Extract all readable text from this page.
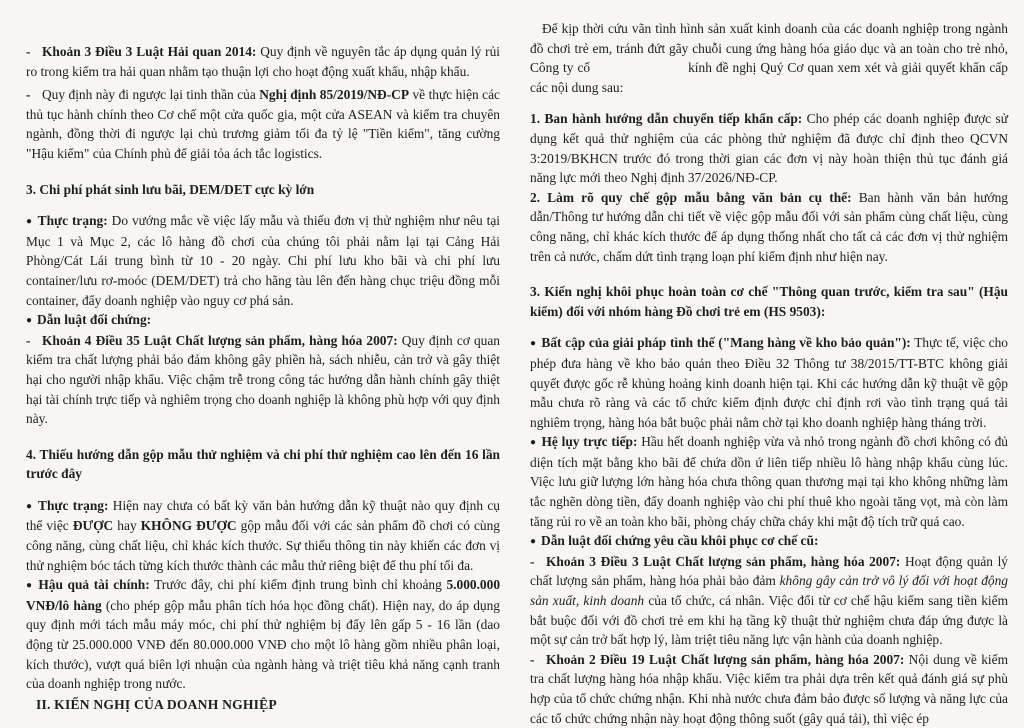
- Khoản 3 Điều 3 Luật Hải quan 2014: Quy định về nguyên tắc áp dụng quản lý rủi ro trong kiểm tra hải quan nhằm tạo thuận lợi cho hoạt động xuất khẩu, nhập khẩu.

- Quy định này đi ngược lại tinh thần của Nghị định 85/2019/NĐ-CP về thực hiện các thủ tục hành chính theo Cơ chế một cửa quốc gia, một cửa ASEAN và kiểm tra chuyên ngành, đồng thời đi ngược lại chủ trương giảm tối đa tỷ lệ "Tiền kiểm", tăng cường "Hậu kiểm" của Chính phủ để giải tỏa ách tắc logistics.

3. Chi phí phát sinh lưu bãi, DEM/DET cực kỳ lớn

● Thực trạng: Do vướng mắc về việc lấy mẫu và thiếu đơn vị thử nghiệm như nêu tại Mục 1 và Mục 2, các lô hàng đồ chơi của chúng tôi phải nằm lại tại Cảng Hải Phòng/Cát Lái trung bình từ 10 - 20 ngày. Chi phí lưu kho bãi và chi phí lưu container/lưu rơ-moóc (DEM/DET) trả cho hãng tàu lên đến hàng chục triệu đồng mỗi container, đẩy doanh nghiệp vào nguy cơ phá sản.

● Dẫn luật đối chứng:

- Khoản 4 Điều 35 Luật Chất lượng sản phẩm, hàng hóa 2007: Quy định cơ quan kiểm tra chất lượng phải bảo đảm không gây phiền hà, sách nhiễu, cản trở và gây thiệt hại cho người nhập khẩu. Việc chậm trễ trong công tác hướng dẫn hành chính gây thiệt hại tài chính trực tiếp và nghiêm trọng cho doanh nghiệp là không phù hợp với quy định này.

4. Thiếu hướng dẫn gộp mẫu thử nghiệm và chi phí thử nghiệm cao lên đến 16 lần trước đây

● Thực trạng: Hiện nay chưa có bất kỳ văn bản hướng dẫn kỹ thuật nào quy định cụ thể việc ĐƯỢC hay KHÔNG ĐƯỢC gộp mẫu đối với các sản phẩm đồ chơi có cùng công năng, cùng chất liệu, chỉ khác kích thước. Sự thiếu thông tin này khiến các đơn vị thử nghiệm bóc tách từng kích thước thành các mẫu thử riêng biệt để thu phí tối đa.

● Hậu quả tài chính: Trước đây, chi phí kiểm định trung bình chỉ khoảng 5.000.000 VNĐ/lô hàng (cho phép gộp mẫu phân tích hóa học đồng chất). Hiện nay, do áp dụng quy định mới tách mẫu máy móc, chi phí thử nghiệm bị đẩy lên gấp 5 - 16 lần (dao động từ 25.000.000 VNĐ đến 80.000.000 VNĐ cho một lô hàng gồm nhiều phân loại, kích thước), vượt quá biên lợi nhuận của ngành hàng và triệt tiêu khả năng cạnh tranh của doanh nghiệp trong nước.

II. KIẾN NGHỊ CỦA DOANH NGHIỆP

Để kịp thời cứu vãn tình hình sản xuất kinh doanh của các doanh nghiệp trong ngành đồ chơi trẻ em, tránh đứt gãy chuỗi cung ứng hàng hóa giáo dục và an toàn cho trẻ nhỏ, Công ty cổ	kính đề nghị Quý Cơ quan xem xét và giải quyết khẩn cấp các nội dung sau:

1. Ban hành hướng dẫn chuyển tiếp khẩn cấp: Cho phép các doanh nghiệp được sử dụng kết quả thử nghiệm của các phòng thử nghiệm đã được chỉ định theo QCVN 3:2019/BKHCN trước đó trong thời gian các đơn vị này hoàn thiện thủ tục đánh giá năng lực mới theo Nghị định 37/2026/NĐ-CP.

2. Làm rõ quy chế gộp mẫu bằng văn bản cụ thể: Ban hành văn bản hướng dẫn/Thông tư hướng dẫn chi tiết về việc gộp mẫu đối với sản phẩm cùng chất liệu, cùng công năng, chỉ khác kích thước để áp dụng thống nhất cho tất cả các đơn vị thử nghiệm trên cả nước, chấm dứt tình trạng loạn phí kiểm định như hiện nay.

3. Kiến nghị khôi phục hoàn toàn cơ chế "Thông quan trước, kiểm tra sau" (Hậu kiểm) đối với nhóm hàng Đồ chơi trẻ em (HS 9503):

● Bất cập của giải pháp tình thế ("Mang hàng về kho bảo quản"): Thực tế, việc cho phép đưa hàng về kho bảo quản theo Điều 32 Thông tư 38/2015/TT-BTC không giải quyết được gốc rễ khủng hoảng kinh doanh hiện tại. Khi các hướng dẫn kỹ thuật về gộp mẫu chưa rõ ràng và các tổ chức kiểm định được chỉ định rơi vào tình trạng quá tải nghiêm trọng, hàng hóa bắt buộc phải nằm chờ tại kho doanh nghiệp hàng tháng trời.

● Hệ lụy trực tiếp: Hầu hết doanh nghiệp vừa và nhỏ trong ngành đồ chơi không có đủ diện tích mặt bằng kho bãi để chứa dồn ứ liên tiếp nhiều lô hàng nhập khẩu cùng lúc. Việc lưu giữ lượng lớn hàng hóa chưa thông quan thương mại tại kho không những làm tắc nghẽn dòng tiền, đẩy doanh nghiệp vào chi phí thuê kho ngoài tăng vọt, mà còn làm tăng rủi ro về an toàn kho bãi, phòng cháy chữa cháy khi mật độ tích trữ quá cao.

● Dẫn luật đối chứng yêu cầu khôi phục cơ chế cũ:

- Khoản 3 Điều 3 Luật Chất lượng sản phẩm, hàng hóa 2007: Hoạt động quản lý chất lượng sản phẩm, hàng hóa phải bảo đảm không gây cản trở vô lý đối với hoạt động sản xuất, kinh doanh của tổ chức, cá nhân. Việc đổi từ cơ chế hậu kiểm sang tiền kiểm bắt buộc đối với đồ chơi trẻ em khi hạ tầng kỹ thuật thử nghiệm chưa đáp ứng được là một sự cản trở bất hợp lý, làm triệt tiêu năng lực vận hành của doanh nghiệp.

- Khoản 2 Điều 19 Luật Chất lượng sản phẩm, hàng hóa 2007: Nội dung về kiểm tra chất lượng hàng hóa nhập khẩu. Việc kiểm tra phải dựa trên kết quả đánh giá sự phù hợp của tổ chức chứng nhận. Khi nhà nước chưa đảm bảo được số lượng và năng lực của các tổ chức chứng nhận này hoạt động thông suốt (gây quá tải), thì việc ép
